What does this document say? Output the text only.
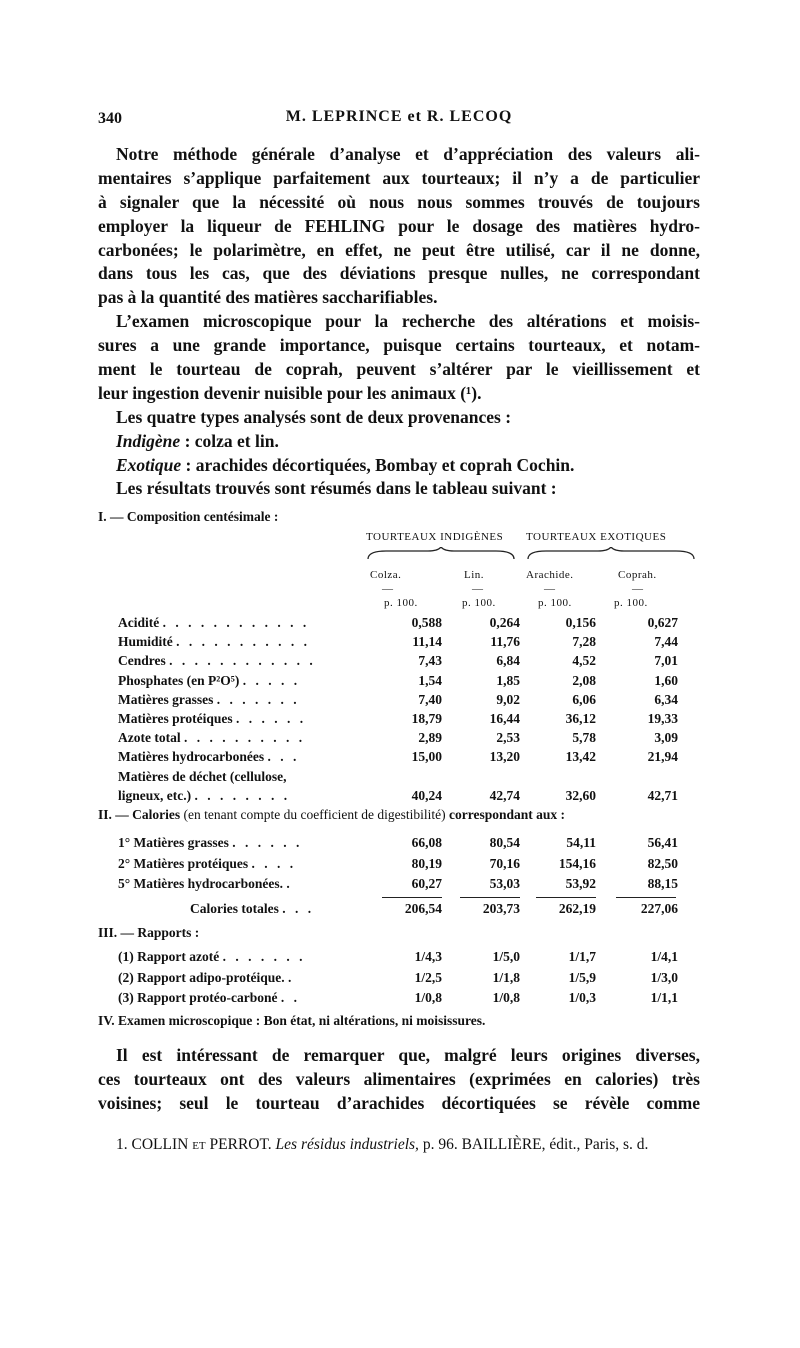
340	M. LEPRINCE et R. LECOQ
Notre méthode générale d’analyse et d’appréciation des valeurs ali-
mentaires s’applique parfaitement aux tourteaux; il n’y a de particulier
à signaler que la nécessité où nous nous sommes trouvés de toujours
employer la liqueur de FEHLING pour le dosage des matières hydro-
carbonées; le polarimètre, en effet, ne peut être utilisé, car il ne donne,
dans tous les cas, que des déviations presque nulles, ne correspondant
pas à la quantité des matières saccharifiables.
L’examen microscopique pour la recherche des altérations et moisis-
sures a une grande importance, puisque certains tourteaux, et notam-
ment le tourteau de coprah, peuvent s’altérer par le vieillissement et
leur ingestion devenir nuisible pour les animaux (¹).
Les quatre types analysés sont de deux provenances :
Indigène : colza et lin.
Exotique : arachides décortiquées, Bombay et coprah Cochin.
Les résultats trouvés sont résumés dans le tableau suivant :
I. — Composition centésimale :
TOURTEAUX INDIGÈNES TOURTEAUX EXOTIQUES
Colza.	Lin.	Arachide.	Coprah.
—	—	—	—
p. 100.	p. 100.	p. 100.	p. 100.
Acidité . . . . . . . . . . . .	0,588	0,264	0,156	0,627
Humidité . . . . . . . . . . .	11,14	11,76	7,28	7,44
Cendres . . . . . . . . . . . .	7,43	6,84	4,52	7,01
Phosphates (en P²O⁵) . . . . .	1,54	1,85	2,08	1,60
Matières grasses . . . . . . .	7,40	9,02	6,06	6,34
Matières protéiques . . . . . .	18,79	16,44	36,12	19,33
Azote total . . . . . . . . . .	2,89	2,53	5,78	3,09
Matières hydrocarbonées . . .	15,00	13,20	13,42	21,94
Matières de déchet (cellulose,
ligneux, etc.) . . . . . . . .	40,24	42,74	32,60	42,71
II. — Calories (en tenant compte du coefficient de digestibilité) correspondant aux :
1° Matières grasses . . . . . .	66,08	80,54	54,11	56,41
2° Matières protéiques . . . .	80,19	70,16	154,16	82,50
5° Matières hydrocarbonées. .	60,27	53,03	53,92	88,15
Calories totales . . .	206,54	203,73	262,19	227,06
III. — Rapports :
(1) Rapport azoté . . . . . . .	1/4,3	1/5,0	1/1,7	1/4,1
(2) Rapport adipo-protéique. .	1/2,5	1/1,8	1/5,9	1/3,0
(3) Rapport protéo-carboné . .	1/0,8	1/0,8	1/0,3	1/1,1
IV. Examen microscopique : Bon état, ni altérations, ni moisissures.
Il est intéressant de remarquer que, malgré leurs origines diverses,
ces tourteaux ont des valeurs alimentaires (exprimées en calories) très
voisines; seul le tourteau d’arachides décortiquées se révèle comme
1. COLLIN et PERROT. Les résidus industriels, p. 96. BAILLIÈRE, édit., Paris, s. d.
